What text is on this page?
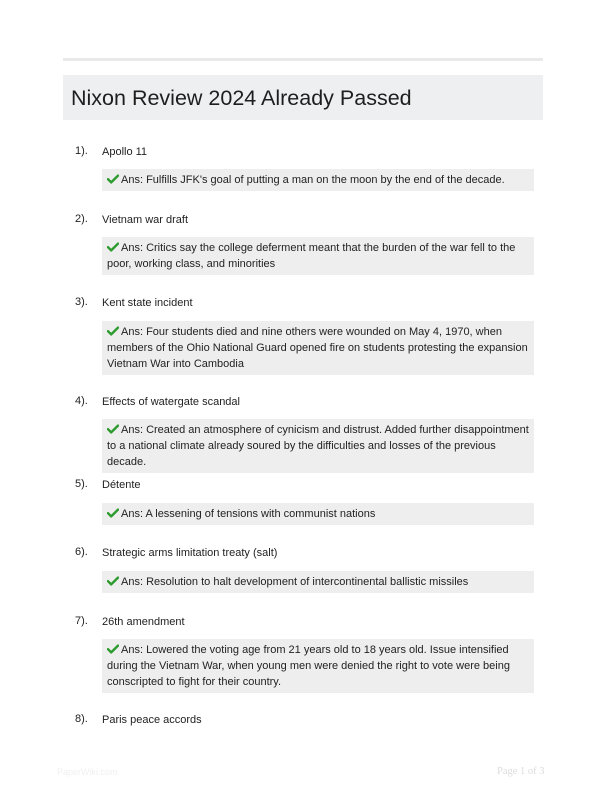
Nixon Review 2024 Already Passed
1). Apollo 11
Ans: Fulfills JFK's goal of putting a man on the moon by the end of the decade.
2). Vietnam war draft
Ans: Critics say the college deferment meant that the burden of the war fell to the poor, working class, and minorities
3). Kent state incident
Ans: Four students died and nine others were wounded on May 4, 1970, when members of the Ohio National Guard opened fire on students protesting the expansion Vietnam War into Cambodia
4). Effects of watergate scandal
Ans: Created an atmosphere of cynicism and distrust. Added further disappointment to a national climate already soured by the difficulties and losses of the previous decade.
5). Détente
Ans: A lessening of tensions with communist nations
6). Strategic arms limitation treaty (salt)
Ans: Resolution to halt development of intercontinental ballistic missiles
7). 26th amendment
Ans: Lowered the voting age from 21 years old to 18 years old. Issue intensified during the Vietnam War, when young men were denied the right to vote were being conscripted to fight for their country.
8). Paris peace accords
PaperWiki.com	Page 1 of 3
